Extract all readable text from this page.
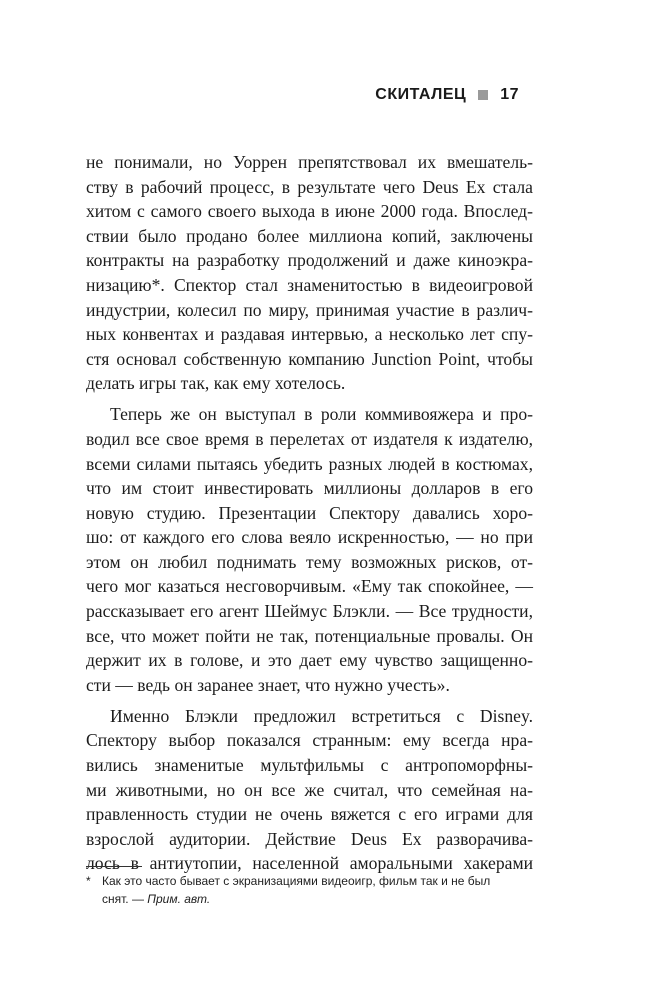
СКИТАЛЕЦ 17
не понимали, но Уоррен препятствовал их вмешатель-
ству в рабочий процесс, в результате чего Deus Ex стала
хитом с самого своего выхода в июне 2000 года. Впослед-
ствии было продано более миллиона копий, заключены
контракты на разработку продолжений и даже киноэкра-
низацию*. Спектор стал знаменитостью в видеоигровой
индустрии, колесил по миру, принимая участие в различ-
ных конвентах и раздавая интервью, а несколько лет спу-
стя основал собственную компанию Junction Point, чтобы
делать игры так, как ему хотелось.
Теперь же он выступал в роли коммивояжера и про-
водил все свое время в перелетах от издателя к издателю,
всеми силами пытаясь убедить разных людей в костюмах,
что им стоит инвестировать миллионы долларов в его
новую студию. Презентации Спектору давались хоро-
шо: от каждого его слова веяло искренностью, — но при
этом он любил поднимать тему возможных рисков, от-
чего мог казаться несговорчивым. «Ему так спокойнее, —
рассказывает его агент Шеймус Блэкли. — Все трудности,
все, что может пойти не так, потенциальные провалы. Он
держит их в голове, и это дает ему чувство защищенно-
сти — ведь он заранее знает, что нужно учесть».
Именно Блэкли предложил встретиться с Disney.
Спектору выбор показался странным: ему всегда нра-
вились знаменитые мультфильмы с антропоморфны-
ми животными, но он все же считал, что семейная на-
правленность студии не очень вяжется с его играми для
взрослой аудитории. Действие Deus Ex разворачива-
лось в антиутопии, населенной аморальными хакерами
* Как это часто бывает с экранизациями видеоигр, фильм так и не был
снят. — Прим. авт.
